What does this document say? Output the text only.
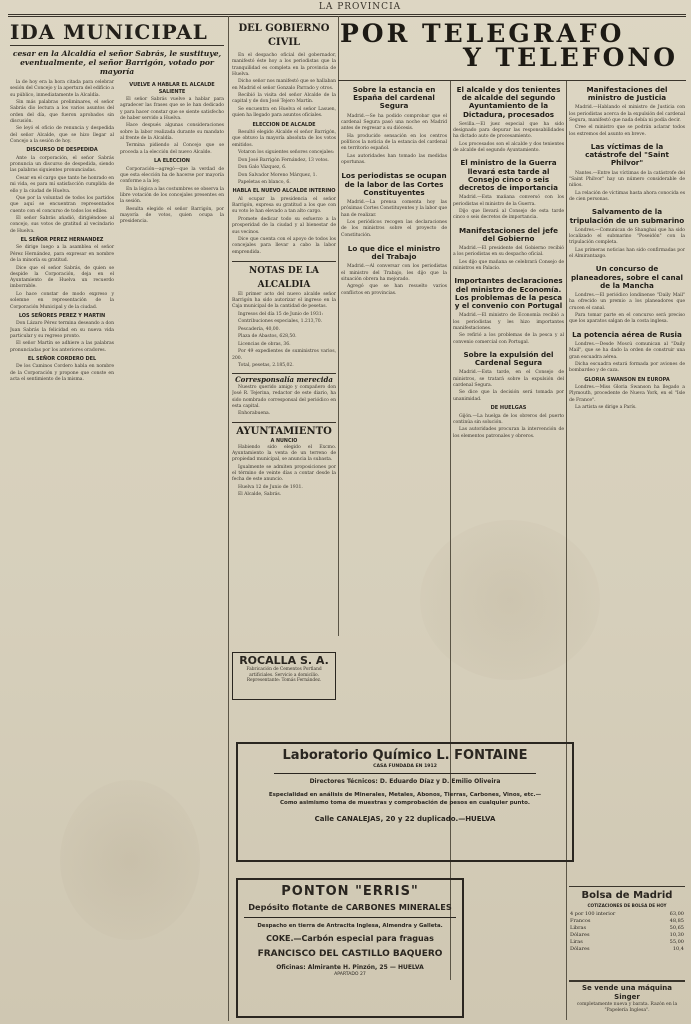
LA PROVINCIA
IDA MUNICIPAL
cesar en la Alcaldía el señor Sabrás, le sustituye, eventualmente, el señor Barrigón, votado por mayoría

la de hoy era la hora citada para celebrar sesión del Concejo y la apertura del edificio a su público, inmediatamente la Alcaldía.

Sin más palabras preliminares, el señor Sabrás dio lectura a los varios asuntos del orden del día, que fueron aprobados sin discusión.

Se leyó el oficio de renuncia y despedida del señor Alcalde, que se hizo llegar al Concejo a la sesión de hoy.

DISCURSO DE DESPEDIDA

Ante la corporación, el señor Sabrás pronuncia un discurso de despedida, siendo las palabras siguientes pronunciadas.

Cesar en el cargo que tanto he honrado en mi vida, es para mí satisfacción cumplida de ello y la ciudad de Huelva.

Que por la voluntad de todos los partidos que aquí se encuentran representados cuento con el concurso de todos los ediles.

El señor Sabrás añadió, dirigiéndose al concejo, sus votos de gratitud al vecindario de Huelva.

EL SEÑOR PEREZ HERNANDEZ

Se dirige luego a la asamblea el señor Pérez Hernández, para expresar en nombre de la minoría su gratitud.

Dice que el señor Sabrás, de quien se despide la Corporación, deja en el Ayuntamiento de Huelva un recuerdo imborrable.

Lo hace constar de modo expreso y solemne en representación de la Corporación Municipal y de la ciudad.

LOS SEÑORES PEREZ Y MARTIN

Don Lázaro Pérez termina deseando a don Juan Sabrás la felicidad en su nueva vida particular y su regreso pronto.

El señor Martín se adhiere a las palabras pronunciadas por los anteriores oradores.

EL SEÑOR CORDERO DEL

De los Caminos Cordero habla en nombre de la Corporación y propone que conste en acta el sentimiento de la misma.

VUELVE A HABLAR EL ALCALDE SALIENTE

El señor Sabrás vuelve a hablar para agradecer las frases que se le han dedicado y para hacer constar que se siente satisfecho de haber servido a Huelva.

Hace después algunas consideraciones sobre la labor realizada durante su mandato al frente de la Alcaldía.

Termina pidiendo al Concejo que se proceda a la elección del nuevo Alcalde.

LA ELECCION

Corporación—agregó—que la verdad de que esta elección ha de hacerse por mayoría conforme a la ley.

En la lógica a las costumbres se observa la libre votación de los concejales presentes en la sesión.

Resulta elegido el señor Barrigón, por mayoría de votos, quien ocupa la presidencia.

DEL GOBIERNO CIVIL

En el despacho oficial del gobernador, manifestó éste hoy a los periodistas que la tranquilidad es completa en la provincia de Huelva.

Dicho señor nos manifestó que se hallaban en Madrid el señor Gonzalo Parrado y otros.

Recibió la visita del señor Alcalde de la capital y de don José Tejero Martín.

Se encuentra en Huelva el señor Lasuen, quien ha llegado para asuntos oficiales.

ELECCION DE ALCALDE

Resultó elegido Alcalde el señor Barrigón, que obtuvo la mayoría absoluta de los votos emitidos.

Votaron los siguientes señores concejales:

Don José Barrigón Fernández, 13 votos.

Don Galo Vázquez, 6.

Don Salvador Moreno Márquez, 1.

Papeletas en blanco, 6.

HABLA EL NUEVO ALCALDE INTERINO

Al ocupar la presidencia el señor Barrigón, expresa su gratitud a los que con su voto le han elevado a tan alto cargo.

Promete dedicar todo su esfuerzo a la prosperidad de la ciudad y al bienestar de sus vecinos.

Dice que cuenta con el apoyo de todos los concejales para llevar a cabo la labor emprendida.

NOTAS DE LA ALCALDIA

El primer acto del nuevo alcalde señor Barrigón ha sido autorizar el ingreso en la Caja municipal de la cantidad de pesetas.

Ingresos del día 15 de Junio de 1931:

Contribuciones especiales, 1.213,70.

Pescadería, 40,00.

Plaza de Abastos, 628,50.

Licencias de obras, 36.

Por 49 expedientes de suministros varios, 200.

Total, pesetas, 2.185,02.

Corresponsalía merecida

Nuestro querido amigo y compañero don José R. Tejerina, redactor de este diario, ha sido nombrado corresponsal del periódico en esta capital.

Enhorabuena.

AYUNTAMIENTO
A NUNCIO

Habiendo sido elegido el Excmo. Ayuntamiento la venta de un terreno de propiedad municipal, se anuncia la subasta.

Igualmente se admiten proposiciones por el término de veinte días a contar desde la fecha de este anuncio.

Huelva 12 de Junio de 1931.

El Alcalde, Sabrás.

ROCALLA S. A.
Fabricación de Cementos Portland artificiales. Servicio a domicilio. Representante: Tomás Fernández.
Laboratorio Químico L. FONTAINE
CASA FUNDADA EN 1912
Directores Técnicos: D. Eduardo Díaz y D. Emilio Oliveira
Especialidad en análisis de Minerales, Metales, Abonos, Tierras, Carbones, Vinos, etc.—Como asimismo toma de muestras y comprobación de pesos en cualquier punto.
Calle CANALEJAS, 20 y 22 duplicado.—HUELVA
PONTON "ERRIS"
Depósito flotante de CARBONES MINERALES
Despacho en tierra de Antracita Inglesa, Almendra y Galleta.
COKE.—Carbón especial para fraguas
FRANCISCO DEL CASTILLO BAQUERO
Oficinas: Almirante H. Pinzón, 25 — HUELVA
APARTADO 27
POR TELEGRAFO
Y TELEFONO
Sobre la estancia en España del cardenal Segura

Madrid.—Se ha podido comprobar que el cardenal Segura pasó una noche en Madrid antes de regresar a su diócesis.

Ha producido sensación en los centros políticos la noticia de la estancia del cardenal en territorio español.

Las autoridades han tomado las medidas oportunas.

Los periodistas se ocupan de la labor de las Cortes Constituyentes

Madrid.—La prensa comenta hoy las próximas Cortes Constituyentes y la labor que han de realizar.

Los periódicos recogen las declaraciones de los ministros sobre el proyecto de Constitución.

Lo que dice el ministro del Trabajo

Madrid.—Al conversar con los periodistas el ministro del Trabajo, les dijo que la situación obrera ha mejorado.

Agregó que se han resuelto varios conflictos en provincias.

El alcalde y dos tenientes de alcalde del segundo Ayuntamiento de la Dictadura, procesados

Sevilla.—El juez especial que ha sido designado para depurar las responsabilidades ha dictado auto de procesamiento.

Los procesados son el alcalde y dos tenientes de alcalde del segundo Ayuntamiento.

El ministro de la Guerra llevará esta tarde al Consejo cinco o seis decretos de importancia

Madrid.—Esta mañana conversó con los periodistas el ministro de la Guerra.

Dijo que llevará al Consejo de esta tarde cinco o seis decretos de importancia.

Manifestaciones del jefe del Gobierno

Madrid.—El presidente del Gobierno recibió a los periodistas en su despacho oficial.

Les dijo que mañana se celebrará Consejo de ministros en Palacio.

Importantes declaraciones del ministro de Economía. Los problemas de la pesca y el convenio con Portugal

Madrid.—El ministro de Economía recibió a los periodistas y les hizo importantes manifestaciones.

Se refirió a los problemas de la pesca y al convenio comercial con Portugal.

Sobre la expulsión del Cardenal Segura

Madrid.—Esta tarde, en el Consejo de ministros, se tratará sobre la expulsión del cardenal Segura.

Se dice que la decisión será tomada por unanimidad.

DE HUELGAS

Gijón.—La huelga de los obreros del puerto continúa sin solución.

Las autoridades procuran la intervención de los elementos patronales y obreros.

Manifestaciones del ministro de Justicia

Madrid.—Hablando el ministro de Justicia con los periodistas acerca de la expulsión del cardenal Segura, manifestó que nada debía ni podía decir.

Cree el ministro que se podrán aclarar todos los extremos del asunto en breve.

Las víctimas de la catástrofe del "Saint Philvor"

Nantes.—Entre las víctimas de la catástrofe del "Saint Philvor" hay un número considerable de niños.

La relación de víctimas hasta ahora conocida es de cien personas.

Salvamento de la tripulación de un submarino

Londres.—Comunican de Shanghai que ha sido localizado el submarino "Poseidón" con la tripulación completa.

Las primeras noticias han sido confirmadas por el Almirantazgo.

Un concurso de planeadores, sobre el canal de la Mancha

Londres.—El periódico londinense "Daily Mail" ha ofrecido un premio a los planeadores que crucen el canal.

Para tomar parte en el concurso será preciso que los aparatos salgan de la costa inglesa.

La potencia aérea de Rusia

Londres.—Desde Moscú comunican al "Daily Mail", que se ha dado la orden de construir una gran escuadra aérea.

Dicha escuadra estará formada por aviones de bombardeo y de caza.

GLORIA SWANSON EN EUROPA

Londres.—Miss Gloria Swanson ha llegado a Plymouth, procedente de Nueva York, en el "Isle de France".

La artista se dirige a París.

Bolsa de Madrid
COTIZACIONES DE BOLSA DE HOY
4 por 100 interior	63,00
Francos	48,85
Libras	50,65
Dólares	10,30
Liras	55,00
Dólares	10,4
Se vende una máquina Singer
completamente nueva y barata. Razón en la "Papelería Inglesa".
